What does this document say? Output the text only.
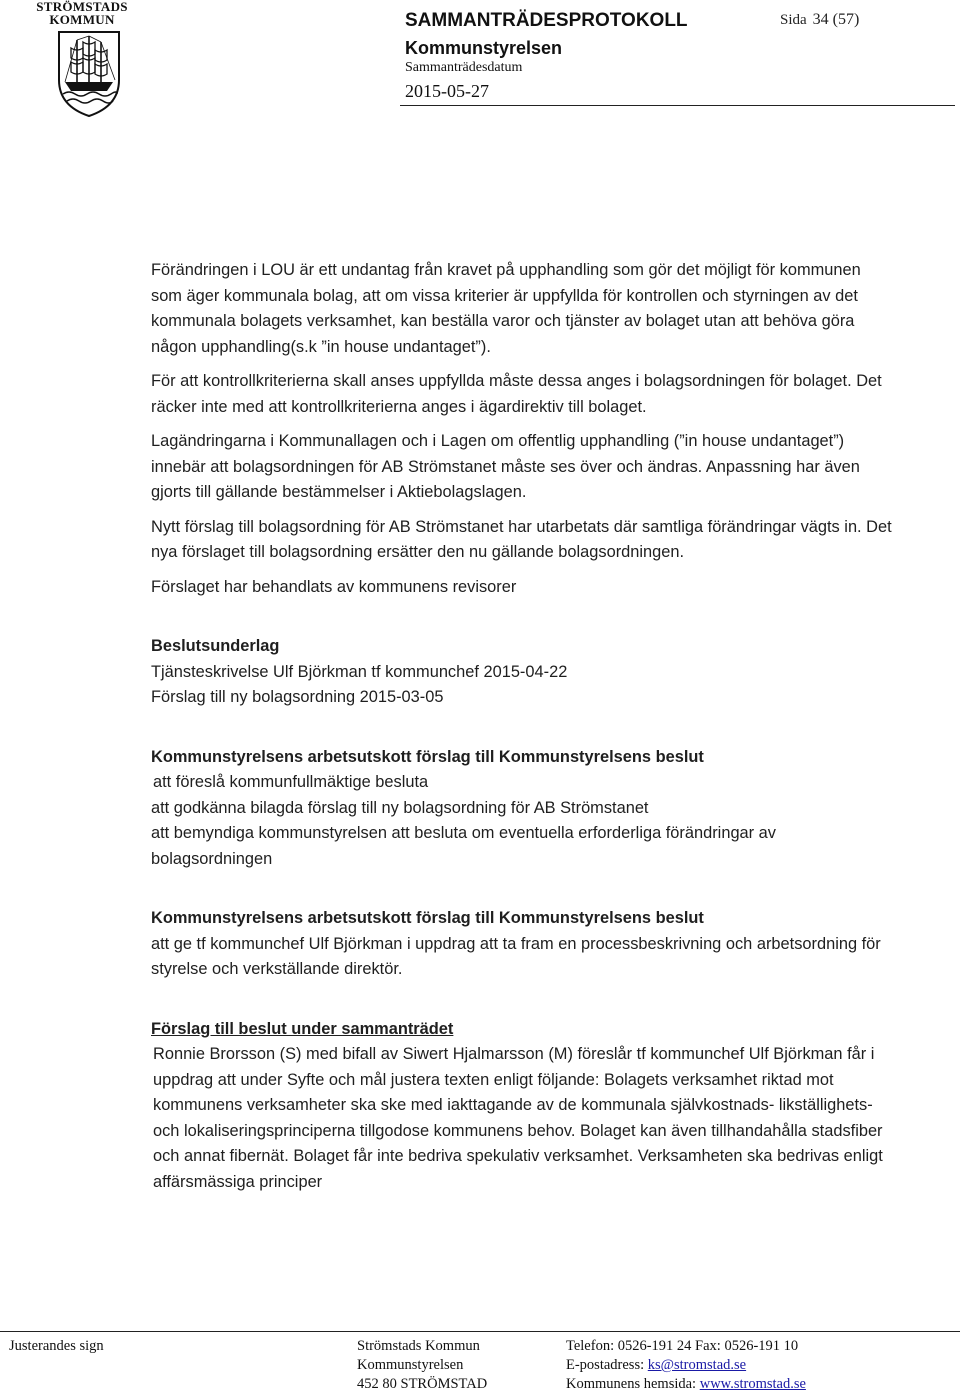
STRÖMSTADS
KOMMUN	SAMMANTRÄDESPROTOKOLL
Kommunstyrelsen
Sammanträdesdatum
2015-05-27
Sida 34 (57)

Förändringen i LOU är ett undantag från kravet på upphandling som gör det möjligt för kommunen som äger kommunala bolag, att om vissa kriterier är uppfyllda för kontrollen och styrningen av det kommunala bolagets verksamhet, kan beställa varor och tjänster av bolaget utan att behöva göra någon upphandling(s.k ”in house undantaget”).

För att kontrollkriterierna skall anses uppfyllda måste dessa anges i bolagsordningen för bolaget. Det räcker inte med att kontrollkriterierna anges i ägardirektiv till bolaget.

Lagändringarna i Kommunallagen och i Lagen om offentlig upphandling (”in house undantaget”) innebär att bolagsordningen för AB Strömstanet måste ses över och ändras. Anpassning har även gjorts till gällande bestämmelser i Aktiebolagslagen.

Nytt förslag till bolagsordning för AB Strömstanet har utarbetats där samtliga förändringar vägts in. Det nya förslaget till bolagsordning ersätter den nu gällande bolagsordningen.

Förslaget har behandlats av kommunens revisorer

Beslutsunderlag

Tjänsteskrivelse Ulf Björkman tf kommunchef 2015-04-22

Förslag till ny bolagsordning 2015-03-05

Kommunstyrelsens arbetsutskott förslag till Kommunstyrelsens beslut

att föreslå kommunfullmäktige besluta

att godkänna bilagda förslag till ny bolagsordning för AB Strömstanet

att bemyndiga kommunstyrelsen att besluta om eventuella erforderliga förändringar av bolagsordningen

Kommunstyrelsens arbetsutskott förslag till Kommunstyrelsens beslut

att ge tf kommunchef Ulf Björkman i uppdrag att ta fram en processbeskrivning och arbetsordning för styrelse och verkställande direktör.

Förslag till beslut under sammanträdet

Ronnie Brorsson (S) med bifall av Siwert Hjalmarsson (M) föreslår tf kommunchef Ulf Björkman får i uppdrag att under Syfte och mål justera texten enligt följande: Bolagets verksamhet riktad mot kommunens verksamheter ska ske med iakttagande av de kommunala självkostnads- likställighets- och lokaliseringsprinciperna tillgodose kommunens behov. Bolaget kan även tillhandahålla stadsfiber och annat fibernät. Bolaget får inte bedriva spekulativ verksamhet. Verksamheten ska bedrivas enligt affärsmässiga principer

Justerandes sign	Strömstads Kommun
Kommunstyrelsen
452 80 STRÖMSTAD
Telefon: 0526-191 24 Fax: 0526-191 10
E-postadress: ks@stromstad.se
Kommunens hemsida: www.stromstad.se
